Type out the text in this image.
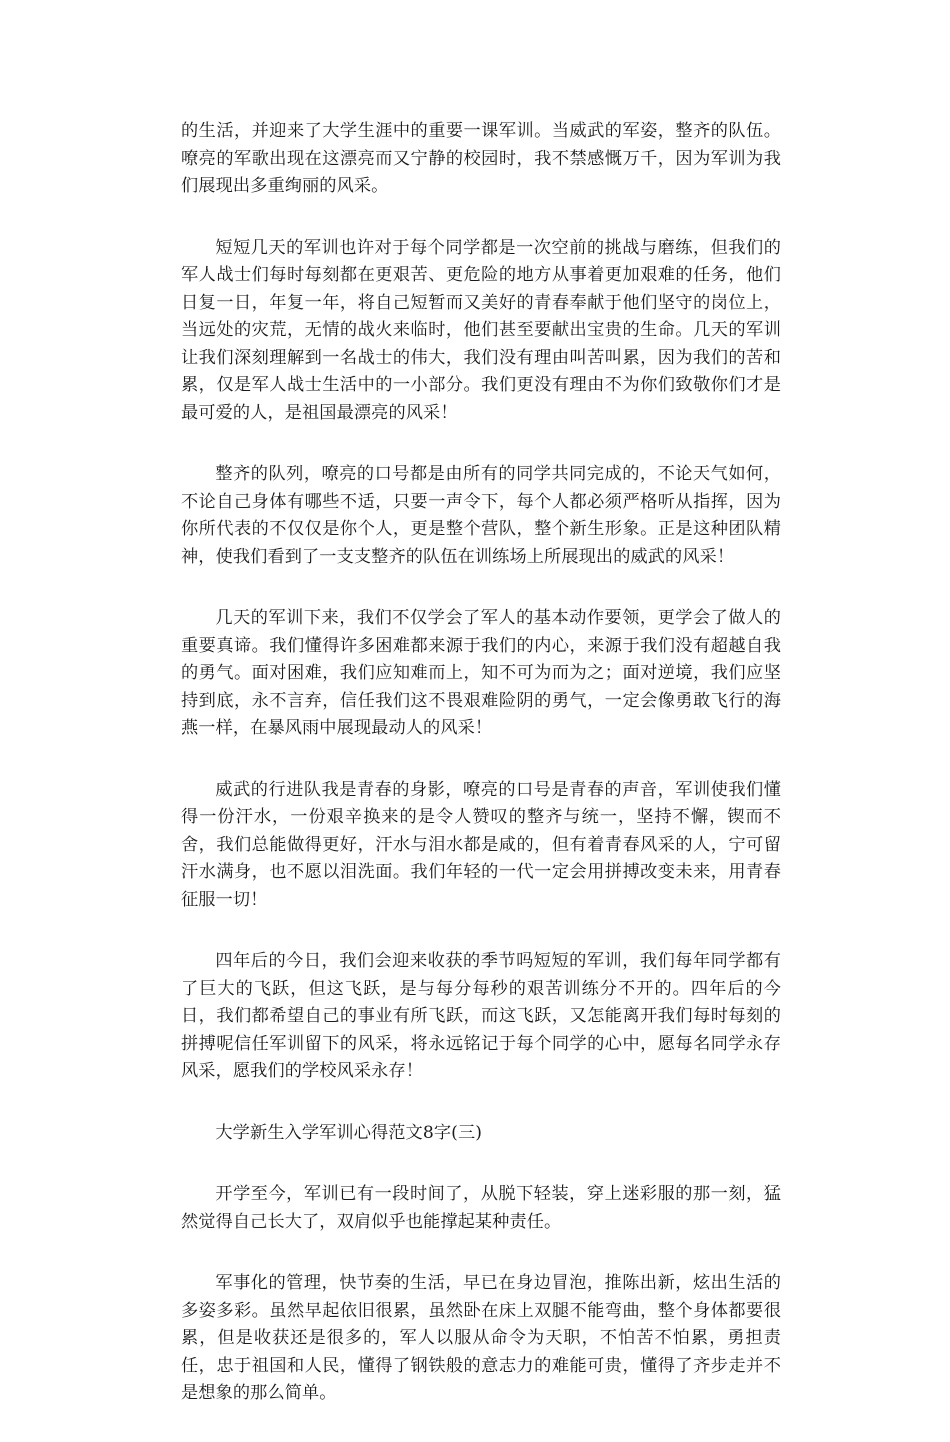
的生活，并迎来了大学生涯中的重要一课军训。当威武的军姿，整齐的队伍。嘹亮的军歌出现在这漂亮而又宁静的校园时，我不禁感慨万千，因为军训为我们展现出多重绚丽的风采。

短短几天的军训也许对于每个同学都是一次空前的挑战与磨练，但我们的军人战士们每时每刻都在更艰苦、更危险的地方从事着更加艰难的任务，他们日复一日，年复一年，将自己短暂而又美好的青春奉献于他们坚守的岗位上，当远处的灾荒，无情的战火来临时，他们甚至要献出宝贵的生命。几天的军训让我们深刻理解到一名战士的伟大，我们没有理由叫苦叫累，因为我们的苦和累，仅是军人战士生活中的一小部分。我们更没有理由不为你们致敬你们才是最可爱的人，是祖国最漂亮的风采！

整齐的队列，嘹亮的口号都是由所有的同学共同完成的，不论天气如何，不论自己身体有哪些不适，只要一声令下，每个人都必须严格听从指挥，因为你所代表的不仅仅是你个人，更是整个营队，整个新生形象。正是这种团队精神，使我们看到了一支支整齐的队伍在训练场上所展现出的威武的风采！

几天的军训下来，我们不仅学会了军人的基本动作要领，更学会了做人的重要真谛。我们懂得许多困难都来源于我们的内心，来源于我们没有超越自我的勇气。面对困难，我们应知难而上，知不可为而为之；面对逆境，我们应坚持到底，永不言弃，信任我们这不畏艰难险阴的勇气，一定会像勇敢飞行的海燕一样，在暴风雨中展现最动人的风采！

威武的行进队我是青春的身影，嘹亮的口号是青春的声音，军训使我们懂得一份汗水，一份艰辛换来的是令人赞叹的整齐与统一，坚持不懈，锲而不舍，我们总能做得更好，汗水与泪水都是咸的，但有着青春风采的人，宁可留汗水满身，也不愿以泪洗面。我们年轻的一代一定会用拼搏改变未来，用青春征服一切！

四年后的今日，我们会迎来收获的季节吗短短的军训，我们每年同学都有了巨大的飞跃，但这飞跃，是与每分每秒的艰苦训练分不开的。四年后的今日，我们都希望自己的事业有所飞跃，而这飞跃，又怎能离开我们每时每刻的拼搏呢信任军训留下的风采，将永远铭记于每个同学的心中，愿每名同学永存风采，愿我们的学校风采永存！

大学新生入学军训心得范文8字(三)

开学至今，军训已有一段时间了，从脱下轻装，穿上迷彩服的那一刻，猛然觉得自己长大了，双肩似乎也能撑起某种责任。

军事化的管理，快节奏的生活，早已在身边冒泡，推陈出新，炫出生活的多姿多彩。虽然早起依旧很累，虽然卧在床上双腿不能弯曲，整个身体都要很累，但是收获还是很多的，军人以服从命令为天职，不怕苦不怕累，勇担责任，忠于祖国和人民，懂得了钢铁般的意志力的难能可贵，懂得了齐步走并不是想象的那么简单。
